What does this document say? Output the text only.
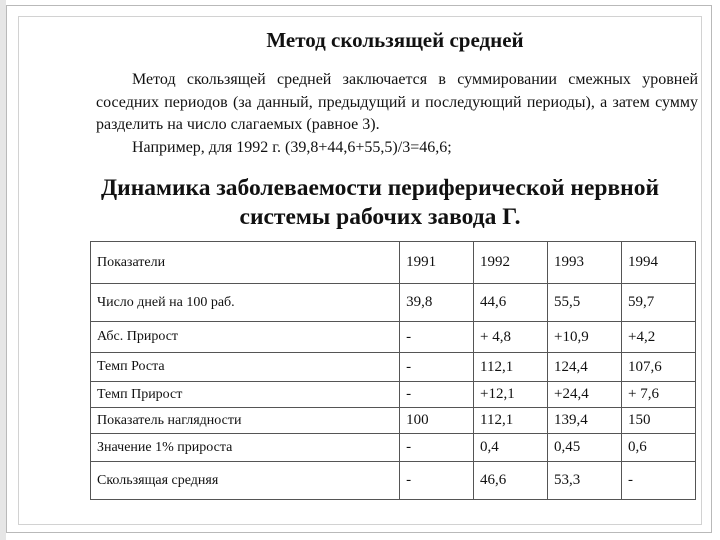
Метод скользящей средней

Метод скользящей средней заключается в суммировании смежных уровней соседних периодов (за данный, предыдущий и последующий периоды), а затем сумму разделить на число слагаемых (равное 3).

Например, для 1992 г. (39,8+44,6+55,5)/3=46,6;

Динамика заболеваемости периферической нервной системы рабочих завода Г.
Показатели	1991	1992	1993	1994
Число дней на 100 раб.	39,8	44,6	55,5	59,7
Абс. Прирост	-	+ 4,8	+10,9	+4,2
Темп Роста	-	112,1	124,4	107,6
Темп Прирост	-	+12,1	+24,4	+ 7,6
Показатель наглядности	100	112,1	139,4	150
Значение 1% прироста	-	0,4	0,45	0,6
Скользящая средняя	-	46,6	53,3	-
